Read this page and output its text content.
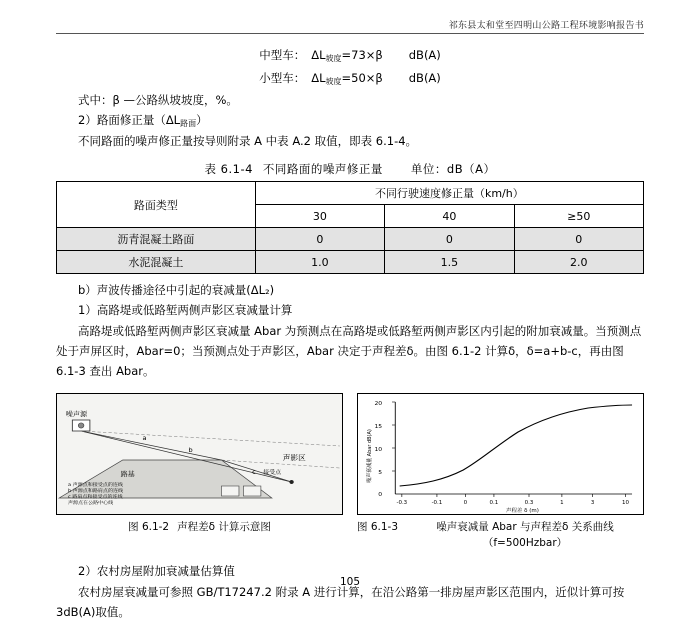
祁东县太和堂至四明山公路工程环境影响报告书
中型车： $\Delta L_{坡度}=73\times\beta$ dB(A)
小型车： $\Delta L_{坡度}=50\times\beta$ dB(A)
式中：β —公路纵坡坡度，%。
2）路面修正量$(\Delta L_{路面})$
不同路面的噪声修正量按导则附录 A 中表 A.2 取值，即表 6.1-4。
表 6.1-4 不同路面的噪声修正量 单位：dB（A）
路面类型	不同行驶速度修正量（km/h）		
	30	40	≥50
沥青混凝土路面	0	0	0
水泥混凝土	1.0	1.5	2.0
b）声波传播途径中引起的衰减量(ΔL₂)
1）高路堤或低路堑两侧声影区衰减量计算
高路堤或低路堑两侧声影区衰减量 Abar 为预测点在高路堤或低路堑两侧声影区内引起的附加衰减量。当预测点处于声屏区时，Abar=0；当预测点处于声影区，Abar 决定于声程差δ。由图 6.1-2 计算δ，δ=a+b-c，再由图 6.1-3 查出 Abar。
噪声源
路基	接受点
声影区
a
b
c
a 声源点和接受点的连线
b 声源点和路肩点的连线
c 路肩点和接受点的连线
声源点在公路中心线
图 6.1-2 声程差δ 计算示意图
20
15
10
5
0
-0.3	-0.1	0	0.1	0.3	1	3	10
噪声衰减量 Abar dB(A)
声程差 δ (m)
图 6.1-3	噪声衰减量 Abar 与声程差δ 关系曲线（f=500Hzbar）
2）农村房屋附加衰减量估算值
农村房屋衰减量可参照 GB/T17247.2 附录 A 进行计算，在沿公路第一排房屋声影区范围内，近似计算可按 3dB(A)取值。
105
